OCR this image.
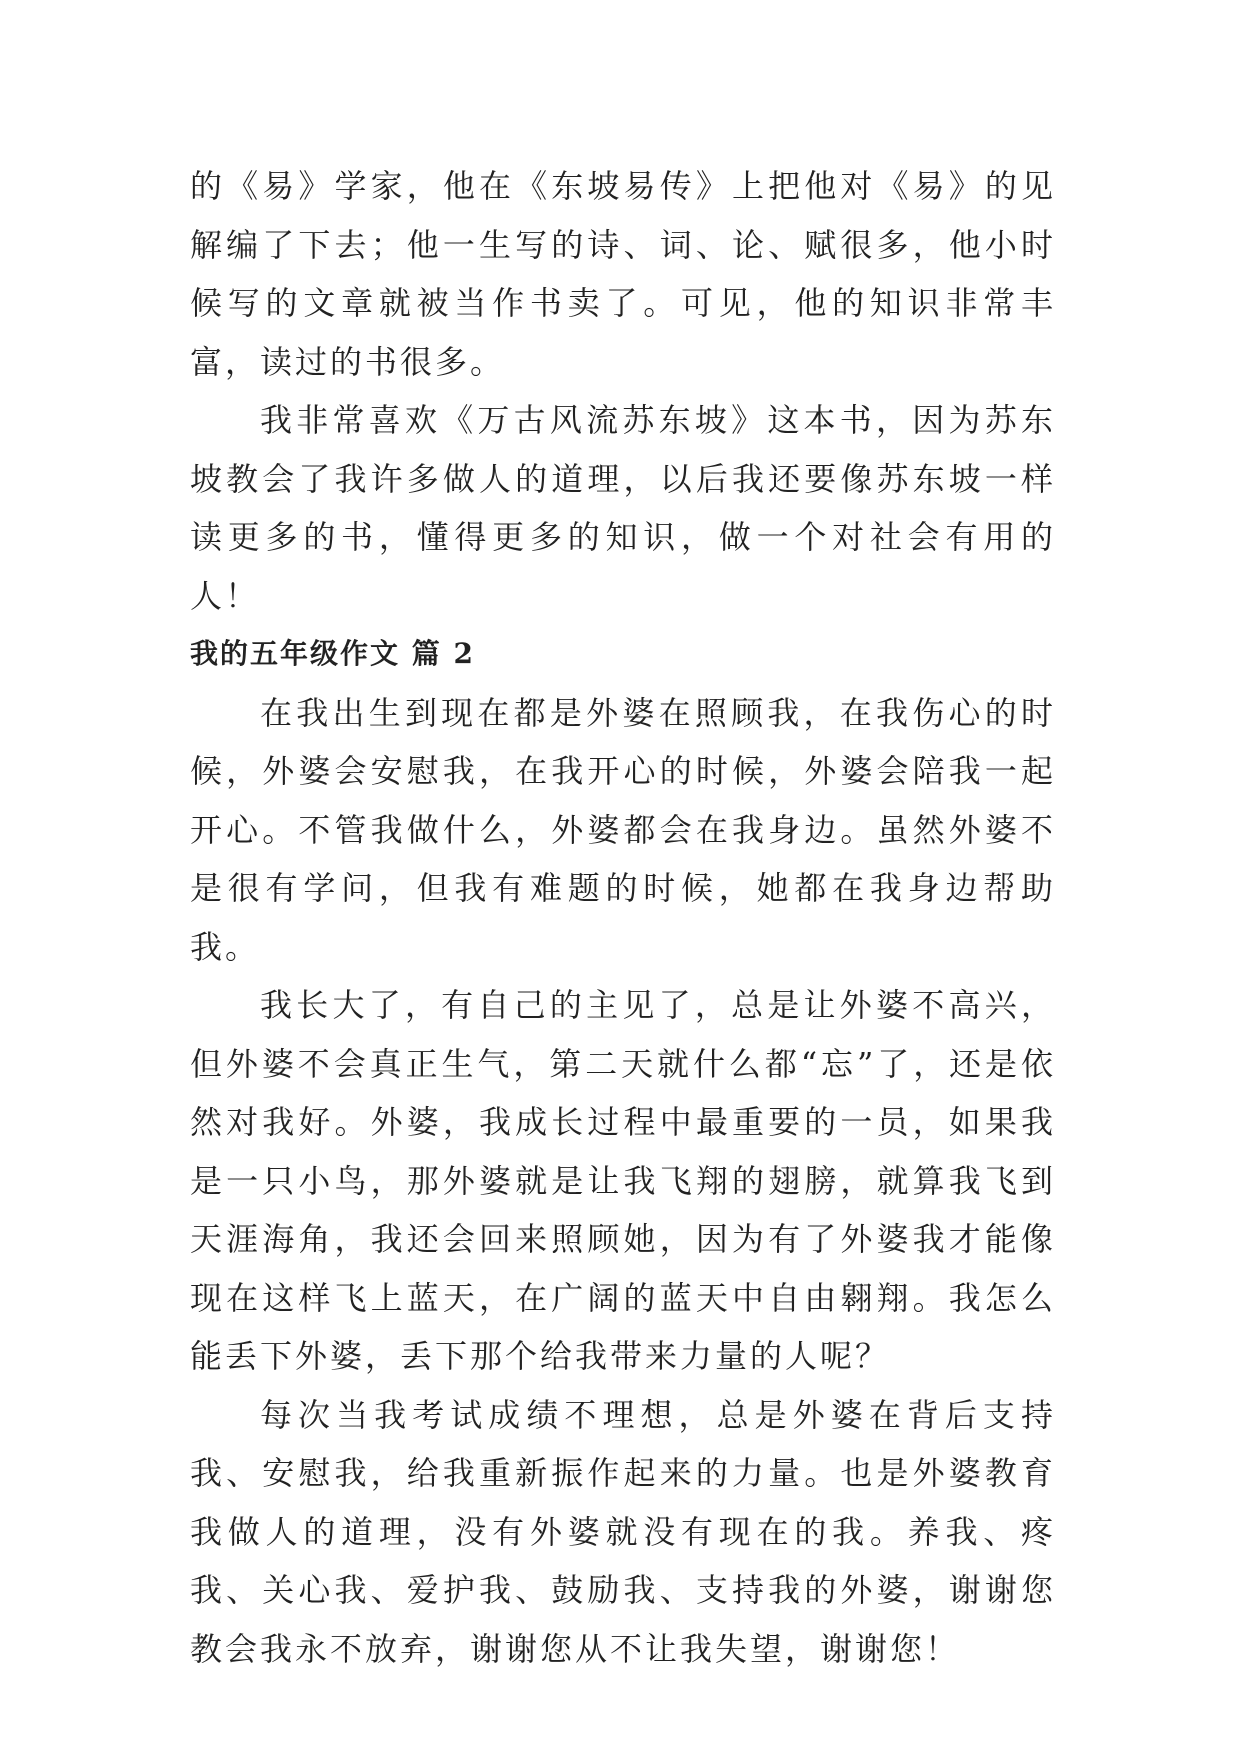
的《易》学家，他在《东坡易传》上把他对《易》的见解编了下去；他一生写的诗、词、论、赋很多，他小时候写的文章就被当作书卖了。可见，他的知识非常丰富，读过的书很多。

我非常喜欢《万古风流苏东坡》这本书，因为苏东坡教会了我许多做人的道理，以后我还要像苏东坡一样读更多的书，懂得更多的知识，做一个对社会有用的人！

我的五年级作文 篇 2

在我出生到现在都是外婆在照顾我，在我伤心的时候，外婆会安慰我，在我开心的时候，外婆会陪我一起开心。不管我做什么，外婆都会在我身边。虽然外婆不是很有学问，但我有难题的时候，她都在我身边帮助我。

我长大了，有自己的主见了，总是让外婆不高兴，但外婆不会真正生气，第二天就什么都“忘”了，还是依然对我好。外婆，我成长过程中最重要的一员，如果我是一只小鸟，那外婆就是让我飞翔的翅膀，就算我飞到天涯海角，我还会回来照顾她，因为有了外婆我才能像现在这样飞上蓝天，在广阔的蓝天中自由翱翔。我怎么能丢下外婆，丢下那个给我带来力量的人呢？

每次当我考试成绩不理想，总是外婆在背后支持我、安慰我，给我重新振作起来的力量。也是外婆教育我做人的道理，没有外婆就没有现在的我。养我、疼我、关心我、爱护我、鼓励我、支持我的外婆，谢谢您教会我永不放弃，谢谢您从不让我失望，谢谢您！
